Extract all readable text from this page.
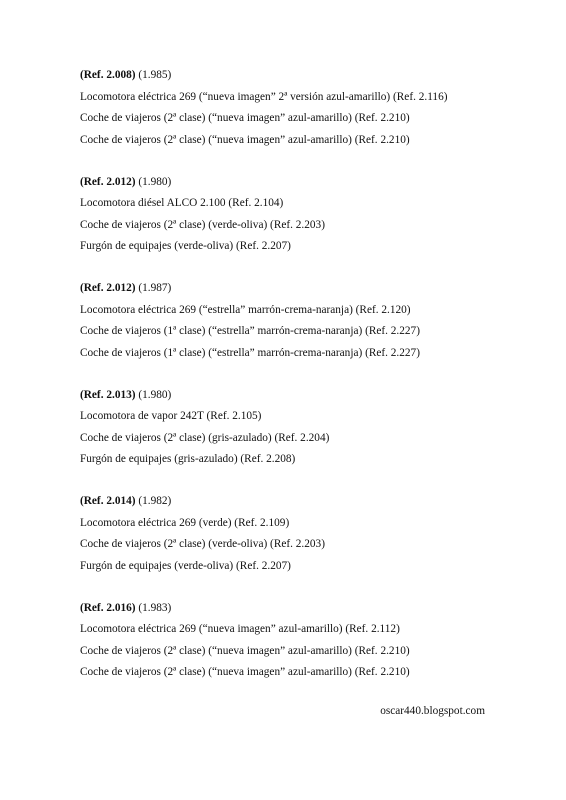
(Ref. 2.008) (1.985)
Locomotora eléctrica 269 (“nueva imagen” 2ª versión azul-amarillo) (Ref. 2.116)
Coche de viajeros (2ª clase) (“nueva imagen” azul-amarillo) (Ref. 2.210)
Coche de viajeros (2ª clase) (“nueva imagen” azul-amarillo) (Ref. 2.210)
(Ref. 2.012) (1.980)
Locomotora diésel ALCO 2.100 (Ref. 2.104)
Coche de viajeros (2ª clase) (verde-oliva) (Ref. 2.203)
Furgón de equipajes (verde-oliva) (Ref. 2.207)
(Ref. 2.012) (1.987)
Locomotora eléctrica 269 (“estrella” marrón-crema-naranja) (Ref. 2.120)
Coche de viajeros (1ª clase) (“estrella” marrón-crema-naranja) (Ref. 2.227)
Coche de viajeros (1ª clase) (“estrella” marrón-crema-naranja) (Ref. 2.227)
(Ref. 2.013) (1.980)
Locomotora de vapor 242T (Ref. 2.105)
Coche de viajeros (2ª clase) (gris-azulado) (Ref. 2.204)
Furgón de equipajes (gris-azulado) (Ref. 2.208)
(Ref. 2.014) (1.982)
Locomotora eléctrica 269 (verde) (Ref. 2.109)
Coche de viajeros (2ª clase) (verde-oliva) (Ref. 2.203)
Furgón de equipajes (verde-oliva) (Ref. 2.207)
(Ref. 2.016) (1.983)
Locomotora eléctrica 269 (“nueva imagen” azul-amarillo) (Ref. 2.112)
Coche de viajeros (2ª clase) (“nueva imagen” azul-amarillo) (Ref. 2.210)
Coche de viajeros (2ª clase) (“nueva imagen” azul-amarillo) (Ref. 2.210)
oscar440.blogspot.com
